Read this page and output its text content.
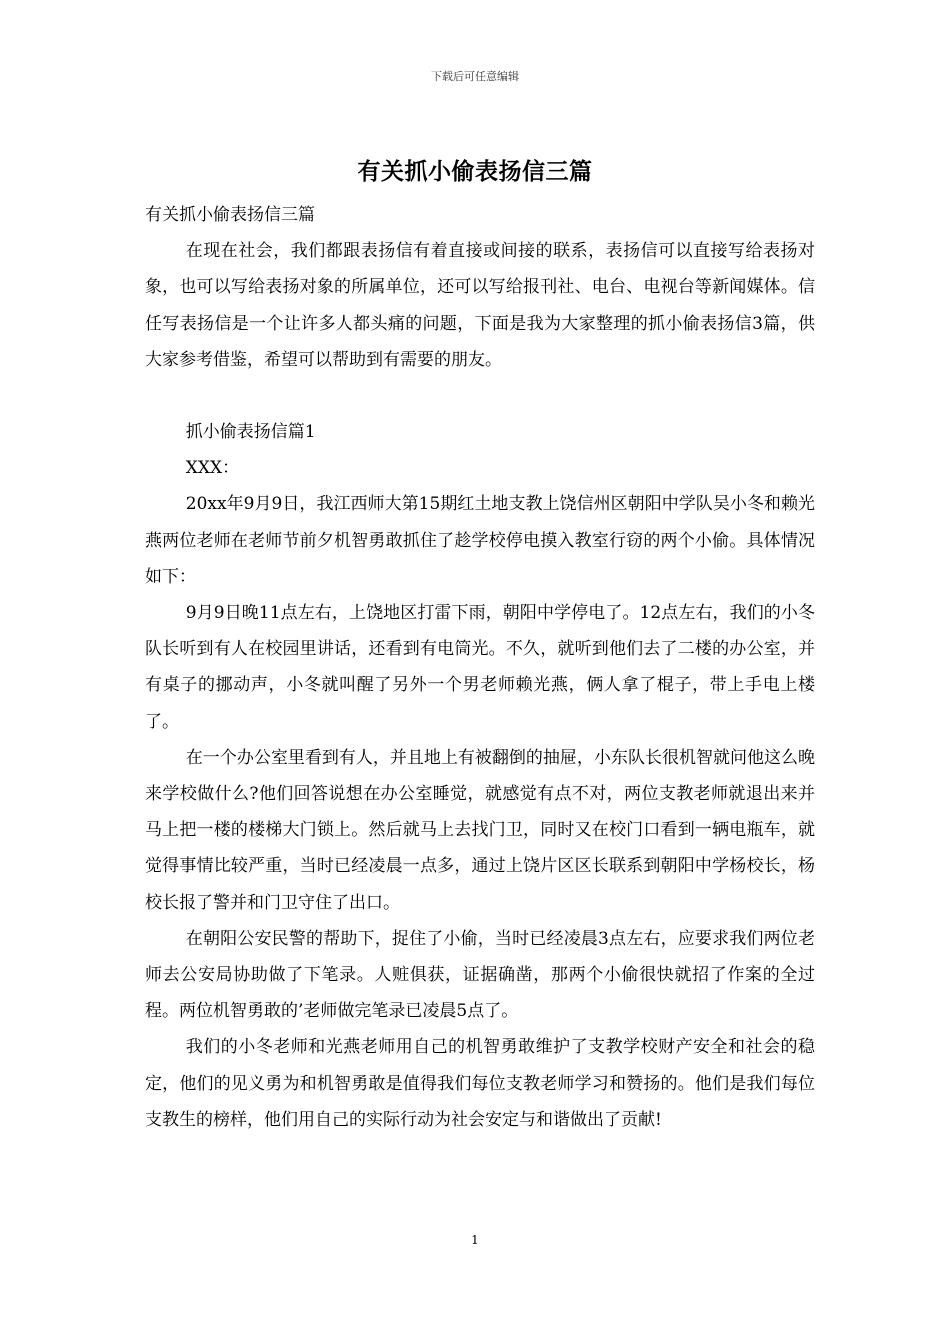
下载后可任意编辑
有关抓小偷表扬信三篇

有关抓小偷表扬信三篇

在现在社会，我们都跟表扬信有着直接或间接的联系，表扬信可以直接写给表扬对象，也可以写给表扬对象的所属单位，还可以写给报刊社、电台、电视台等新闻媒体。信任写表扬信是一个让许多人都头痛的问题，下面是我为大家整理的抓小偷表扬信3篇，供大家参考借鉴，希望可以帮助到有需要的朋友。

抓小偷表扬信篇1

XXX：

20xx年9月9日，我江西师大第15期红土地支教上饶信州区朝阳中学队吴小冬和赖光燕两位老师在老师节前夕机智勇敢抓住了趁学校停电摸入教室行窃的两个小偷。具体情况如下：

9月9日晚11点左右，上饶地区打雷下雨，朝阳中学停电了。12点左右，我们的小冬队长听到有人在校园里讲话，还看到有电筒光。不久，就听到他们去了二楼的办公室，并有桌子的挪动声，小冬就叫醒了另外一个男老师赖光燕，俩人拿了棍子，带上手电上楼了。

在一个办公室里看到有人，并且地上有被翻倒的抽屉，小东队长很机智就问他这么晚来学校做什么?他们回答说想在办公室睡觉，就感觉有点不对，两位支教老师就退出来并马上把一楼的楼梯大门锁上。然后就马上去找门卫，同时又在校门口看到一辆电瓶车，就觉得事情比较严重，当时已经凌晨一点多，通过上饶片区区长联系到朝阳中学杨校长，杨校长报了警并和门卫守住了出口。

在朝阳公安民警的帮助下，捉住了小偷，当时已经凌晨3点左右，应要求我们两位老师去公安局协助做了下笔录。人赃俱获，证据确凿，那两个小偷很快就招了作案的全过程。两位机智勇敢的’老师做完笔录已凌晨5点了。

我们的小冬老师和光燕老师用自己的机智勇敢维护了支教学校财产安全和社会的稳定，他们的见义勇为和机智勇敢是值得我们每位支教老师学习和赞扬的。他们是我们每位支教生的榜样，他们用自己的实际行动为社会安定与和谐做出了贡献!

1
